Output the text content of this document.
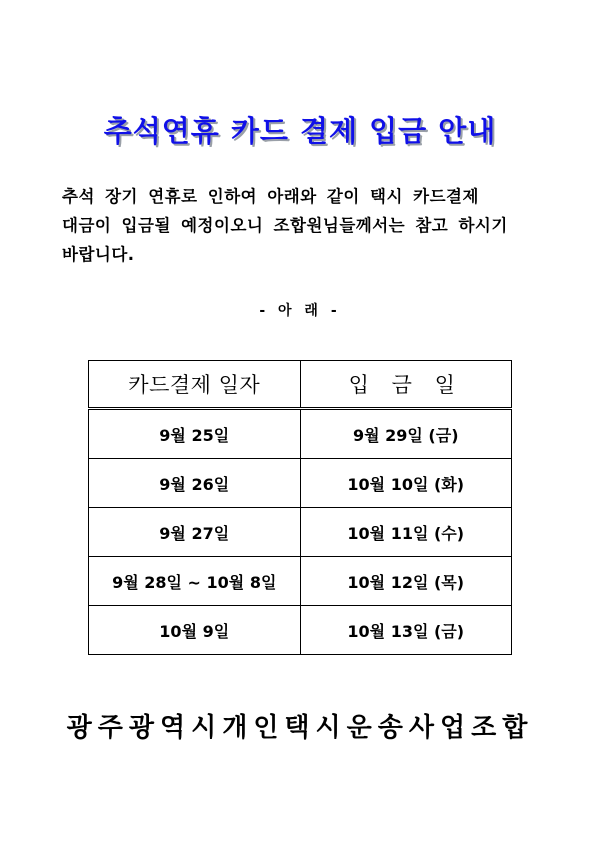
추석연휴 카드 결제 입금 안내
추석 장기 연휴로 인하여 아래와 같이 택시 카드결제
대금이 입금될 예정이오니 조합원님들께서는 참고 하시기
바랍니다.
- 아 래 -
카드결제 일자	입 금 일
9월 25일	9월 29일 (금)
9월 26일	10월 10일 (화)
9월 27일	10월 11일 (수)
9월 28일 ~ 10월 8일	10월 12일 (목)
10월 9일	10월 13일 (금)
광주광역시개인택시운송사업조합
